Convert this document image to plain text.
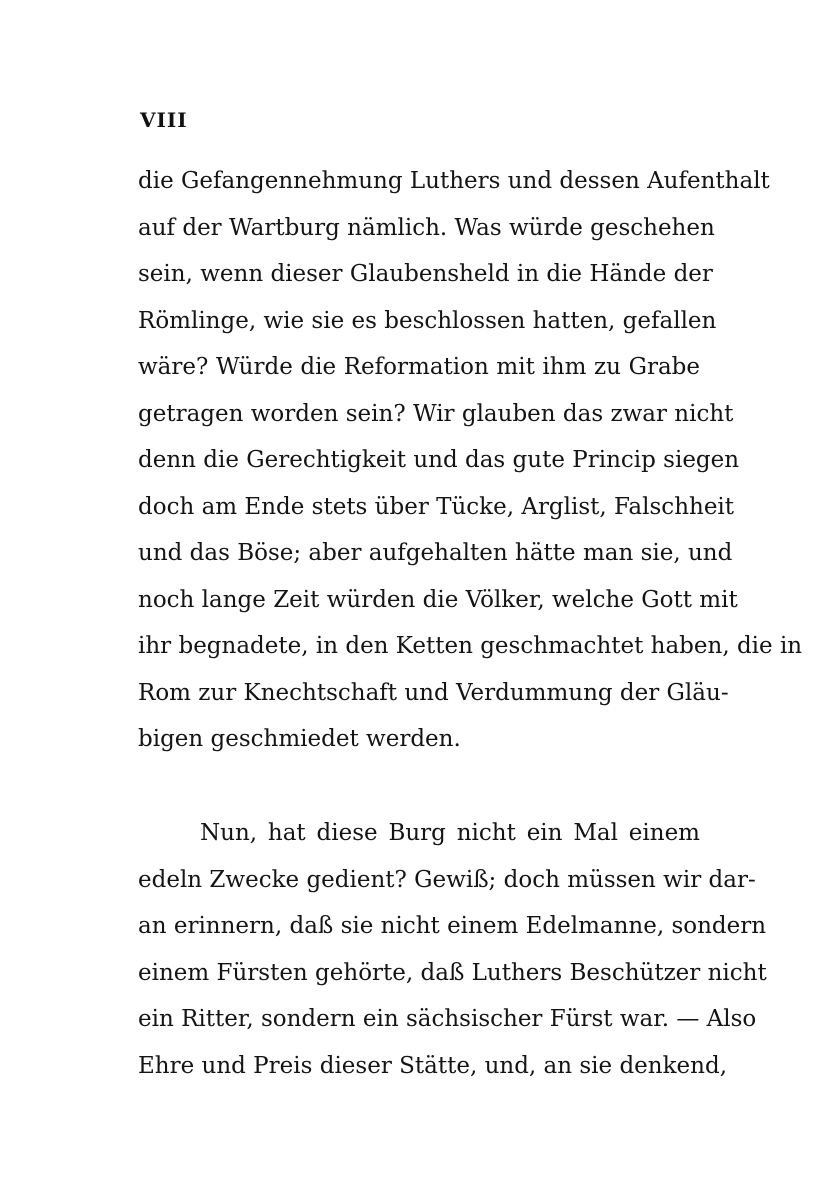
VIII
die Gefangennehmung Luthers und dessen Aufenthalt
auf der Wartburg nämlich. Was würde geschehen
sein, wenn dieser Glaubensheld in die Hände der
Römlinge, wie sie es beschlossen hatten, gefallen
wäre? Würde die Reformation mit ihm zu Grabe
getragen worden sein? Wir glauben das zwar nicht
denn die Gerechtigkeit und das gute Princip siegen
doch am Ende stets über Tücke, Arglist, Falschheit
und das Böse; aber aufgehalten hätte man sie, und
noch lange Zeit würden die Völker, welche Gott mit
ihr begnadete, in den Ketten geschmachtet haben, die in
Rom zur Knechtschaft und Verdummung der Gläu-
bigen geschmiedet werden.
Nun, hat diese Burg nicht ein Mal einem
edeln Zwecke gedient? Gewiß; doch müssen wir dar-
an erinnern, daß sie nicht einem Edelmanne, sondern
einem Fürsten gehörte, daß Luthers Beschützer nicht
ein Ritter, sondern ein sächsischer Fürst war. — Also
Ehre und Preis dieser Stätte, und, an sie denkend,
